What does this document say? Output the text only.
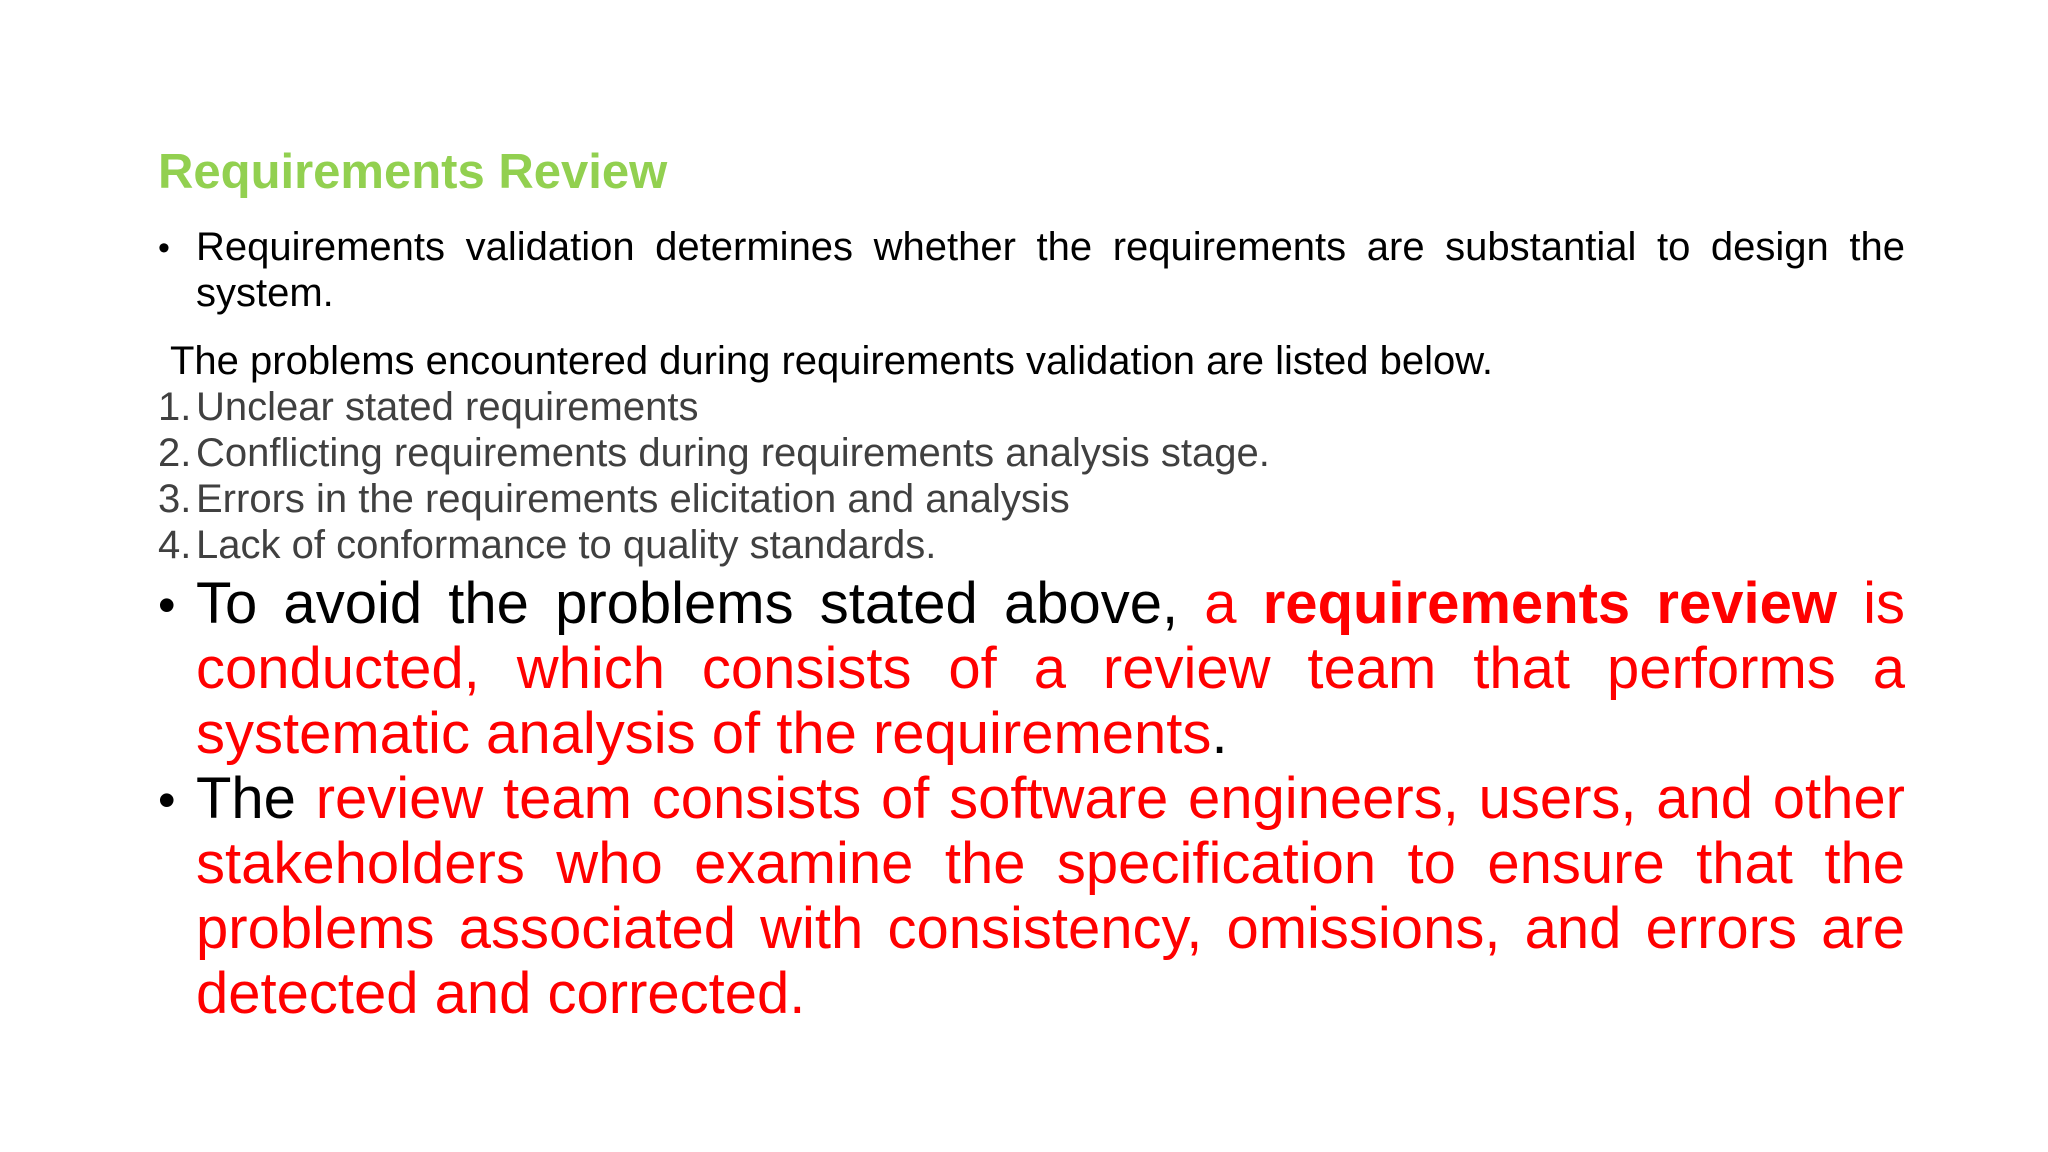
Requirements Review
• Requirements validation determines whether the requirements are substantial to design the system.
The problems encountered during requirements validation are listed below.
1. Unclear stated requirements
2. Conflicting requirements during requirements analysis stage.
3. Errors in the requirements elicitation and analysis
4. Lack of conformance to quality standards.
• To avoid the problems stated above, a requirements review is conducted, which consists of a review team that performs a systematic analysis of the requirements.
• The review team consists of software engineers, users, and other stakeholders who examine the specification to ensure that the problems associated with consistency, omissions, and errors are detected and corrected.
